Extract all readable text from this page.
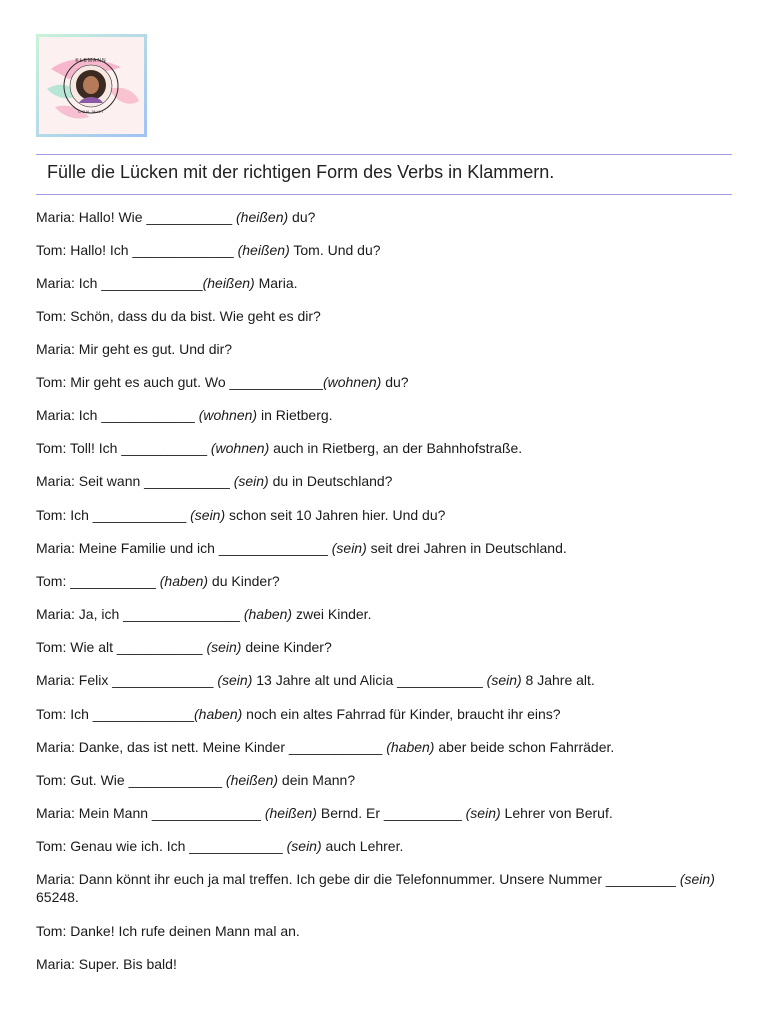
KLEMANN
CON MILI
Fülle die Lücken mit der richtigen Form des Verbs in Klammern.
Maria: Hallo! Wie ___________ (heißen) du?
Tom: Hallo! Ich _____________ (heißen) Tom. Und du?
Maria: Ich _____________(heißen) Maria.
Tom: Schön, dass du da bist. Wie geht es dir?
Maria: Mir geht es gut. Und dir?
Tom: Mir geht es auch gut. Wo ____________(wohnen) du?
Maria: Ich ____________ (wohnen) in Rietberg.
Tom: Toll! Ich ___________ (wohnen) auch in Rietberg, an der Bahnhofstraße.
Maria: Seit wann ___________ (sein) du in Deutschland?
Tom: Ich ____________ (sein) schon seit 10 Jahren hier. Und du?
Maria: Meine Familie und ich ______________ (sein) seit drei Jahren in Deutschland.
Tom: ___________ (haben) du Kinder?
Maria: Ja, ich _______________ (haben) zwei Kinder.
Tom: Wie alt ___________ (sein) deine Kinder?
Maria: Felix _____________ (sein) 13 Jahre alt und Alicia ___________ (sein) 8 Jahre alt.
Tom: Ich _____________(haben) noch ein altes Fahrrad für Kinder, braucht ihr eins?
Maria: Danke, das ist nett. Meine Kinder ____________ (haben) aber beide schon Fahrräder.
Tom: Gut. Wie ____________ (heißen) dein Mann?
Maria: Mein Mann ______________ (heißen) Bernd. Er __________ (sein) Lehrer von Beruf.
Tom: Genau wie ich. Ich ____________ (sein) auch Lehrer.
Maria: Dann könnt ihr euch ja mal treffen. Ich gebe dir die Telefonnummer. Unsere Nummer _________ (sein) 65248.
Tom: Danke! Ich rufe deinen Mann mal an.
Maria: Super. Bis bald!
